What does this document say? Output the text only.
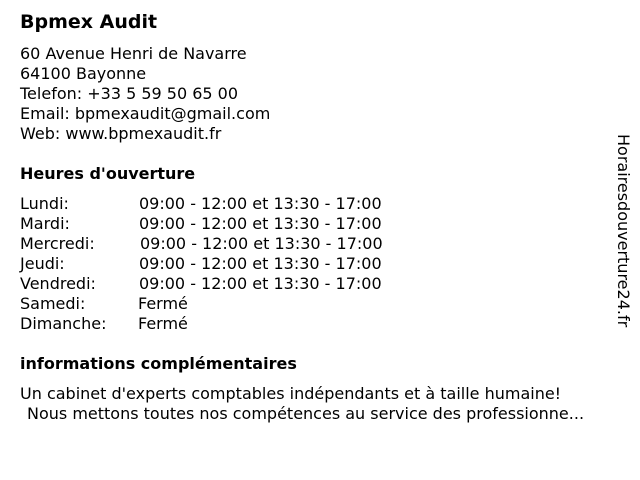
Bpmex Audit
60 Avenue Henri de Navarre
64100 Bayonne
Telefon: +33 5 59 50 65 00
Email: bpmexaudit@gmail.com
Web: www.bpmexaudit.fr
Heures d'ouverture
Lundi:	09:00 - 12:00 et 13:30 - 17:00
Mardi:	09:00 - 12:00 et 13:30 - 17:00
Mercredi:	09:00 - 12:00 et 13:30 - 17:00
Jeudi:	09:00 - 12:00 et 13:30 - 17:00
Vendredi:	09:00 - 12:00 et 13:30 - 17:00
Samedi:	Fermé
Dimanche: Fermé
informations complémentaires
Un cabinet d'experts comptables indépendants et à taille humaine!
Nous mettons toutes nos compétences au service des professionne...
Horairesdouverture24.fr
